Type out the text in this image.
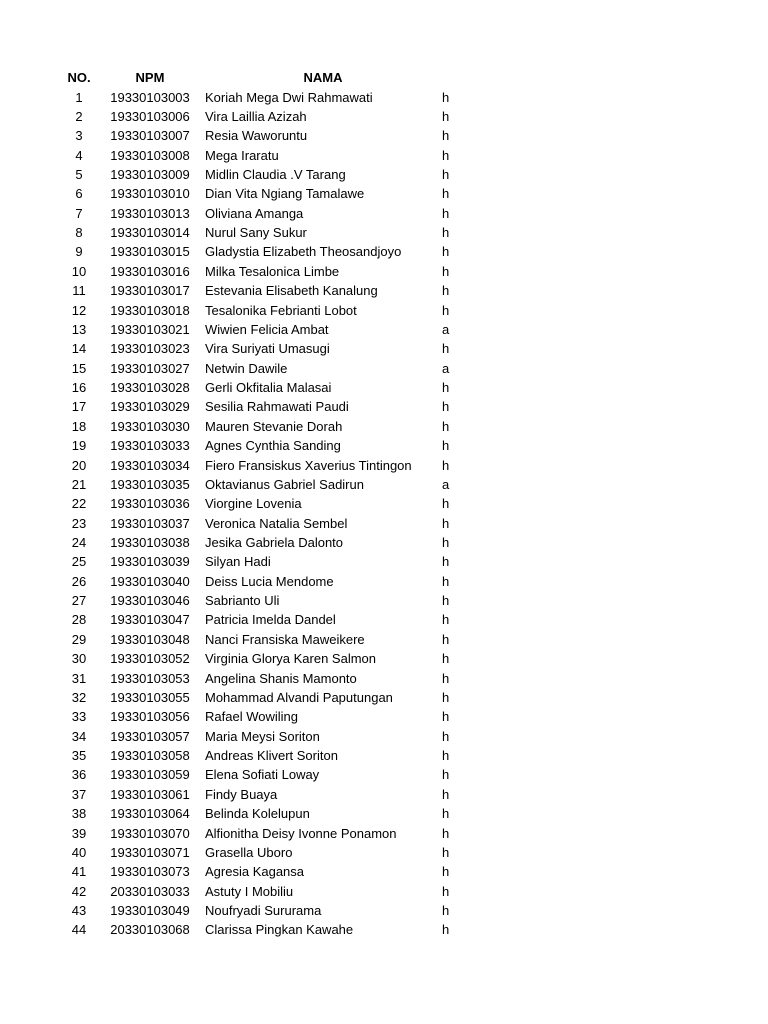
NO.	NPM	NAMA
1	19330103003	Koriah Mega Dwi Rahmawati	h
2	19330103006	Vira Laillia Azizah	h
3	19330103007	Resia Waworuntu	h
4	19330103008	Mega Iraratu	h
5	19330103009	Midlin Claudia .V Tarang	h
6	19330103010	Dian Vita Ngiang Tamalawe	h
7	19330103013	Oliviana Amanga	h
8	19330103014	Nurul Sany Sukur	h
9	19330103015	Gladystia Elizabeth Theosandjoyo	h
10	19330103016	Milka Tesalonica Limbe	h
11	19330103017	Estevania Elisabeth Kanalung	h
12	19330103018	Tesalonika Febrianti Lobot	h
13	19330103021	Wiwien Felicia Ambat	a
14	19330103023	Vira Suriyati Umasugi	h
15	19330103027	Netwin Dawile	a
16	19330103028	Gerli Okfitalia Malasai	h
17	19330103029	Sesilia Rahmawati Paudi	h
18	19330103030	Mauren Stevanie Dorah	h
19	19330103033	Agnes Cynthia Sanding	h
20	19330103034	Fiero Fransiskus Xaverius Tintingon	h
21	19330103035	Oktavianus Gabriel Sadirun	a
22	19330103036	Viorgine Lovenia	h
23	19330103037	Veronica Natalia Sembel	h
24	19330103038	Jesika Gabriela Dalonto	h
25	19330103039	Silyan Hadi	h
26	19330103040	Deiss Lucia Mendome	h
27	19330103046	Sabrianto Uli	h
28	19330103047	Patricia Imelda Dandel	h
29	19330103048	Nanci Fransiska Maweikere	h
30	19330103052	Virginia Glorya Karen Salmon	h
31	19330103053	Angelina Shanis Mamonto	h
32	19330103055	Mohammad Alvandi Paputungan	h
33	19330103056	Rafael Wowiling	h
34	19330103057	Maria Meysi Soriton	h
35	19330103058	Andreas Klivert Soriton	h
36	19330103059	Elena Sofiati Loway	h
37	19330103061	Findy Buaya	h
38	19330103064	Belinda Kolelupun	h
39	19330103070	Alfionitha Deisy Ivonne Ponamon	h
40	19330103071	Grasella Uboro	h
41	19330103073	Agresia Kagansa	h
42	20330103033	Astuty I Mobiliu	h
43	19330103049	Noufryadi Sururama	h
44	20330103068	Clarissa Pingkan Kawahe	h
